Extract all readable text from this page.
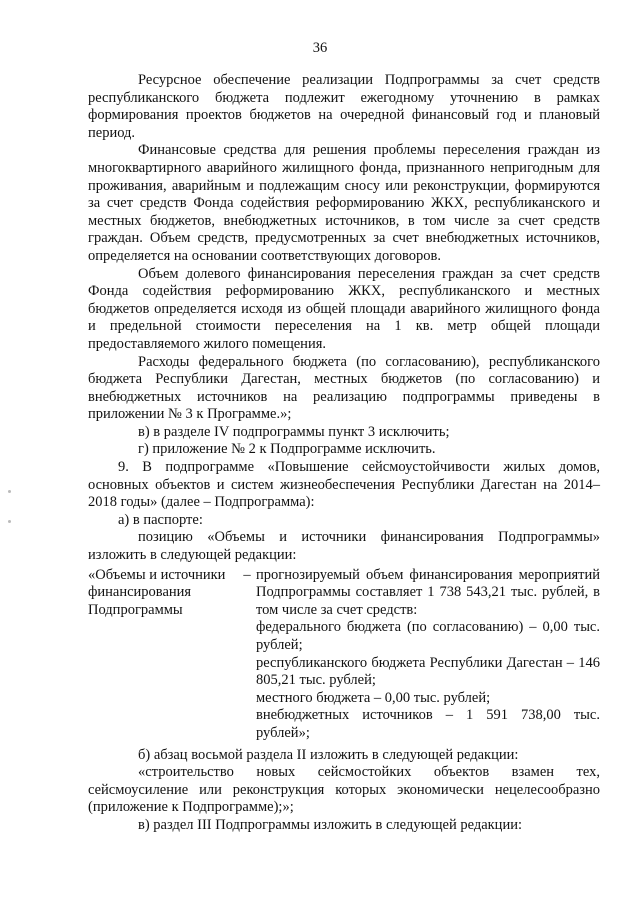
36

Ресурсное обеспечение реализации Подпрограммы за счет средств республиканского бюджета подлежит ежегодному уточнению в рамках формирования проектов бюджетов на очередной финансовый год и плановый период.

Финансовые средства для решения проблемы переселения граждан из многоквартирного аварийного жилищного фонда, признанного непригодным для проживания, аварийным и подлежащим сносу или реконструкции, формируются за счет средств Фонда содействия реформированию ЖКХ, республиканского и местных бюджетов, внебюджетных источников, в том числе за счет средств граждан. Объем средств, предусмотренных за счет внебюджетных источников, определяется на основании соответствующих договоров.

Объем долевого финансирования переселения граждан за счет средств Фонда содействия реформированию ЖКХ, республиканского и местных бюджетов определяется исходя из общей площади аварийного жилищного фонда и предельной стоимости переселения на 1 кв. метр общей площади предоставляемого жилого помещения.

Расходы федерального бюджета (по согласованию), республиканского бюджета Республики Дагестан, местных бюджетов (по согласованию) и внебюджетных источников на реализацию подпрограммы приведены в приложении № 3 к Программе.»;

в) в разделе IV подпрограммы пункт 3 исключить;

г) приложение № 2 к Подпрограмме исключить.

9. В подпрограмме «Повышение сейсмоустойчивости жилых домов, основных объектов и систем жизнеобеспечения Республики Дагестан на 2014–2018 годы» (далее – Подпрограмма):

а) в паспорте:

позицию «Объемы и источники финансирования Подпрограммы» изложить в следующей редакции:

«Объемы и источники финансирования Подпрограммы
– прогнозируемый объем финансирования мероприятий Подпрограммы составляет 1 738 543,21 тыс. рублей, в том числе за счет средств:

федерального бюджета (по согласованию) – 0,00 тыс. рублей;

республиканского бюджета Республики Дагестан – 146 805,21 тыс. рублей;

местного бюджета – 0,00 тыс. рублей;

внебюджетных источников – 1 591 738,00 тыс. рублей»;

б) абзац восьмой раздела II изложить в следующей редакции:

«строительство новых сейсмостойких объектов взамен тех, сейсмоусиление или реконструкция которых экономически нецелесообразно (приложение к Подпрограмме);»;

в) раздел III Подпрограммы изложить в следующей редакции:
